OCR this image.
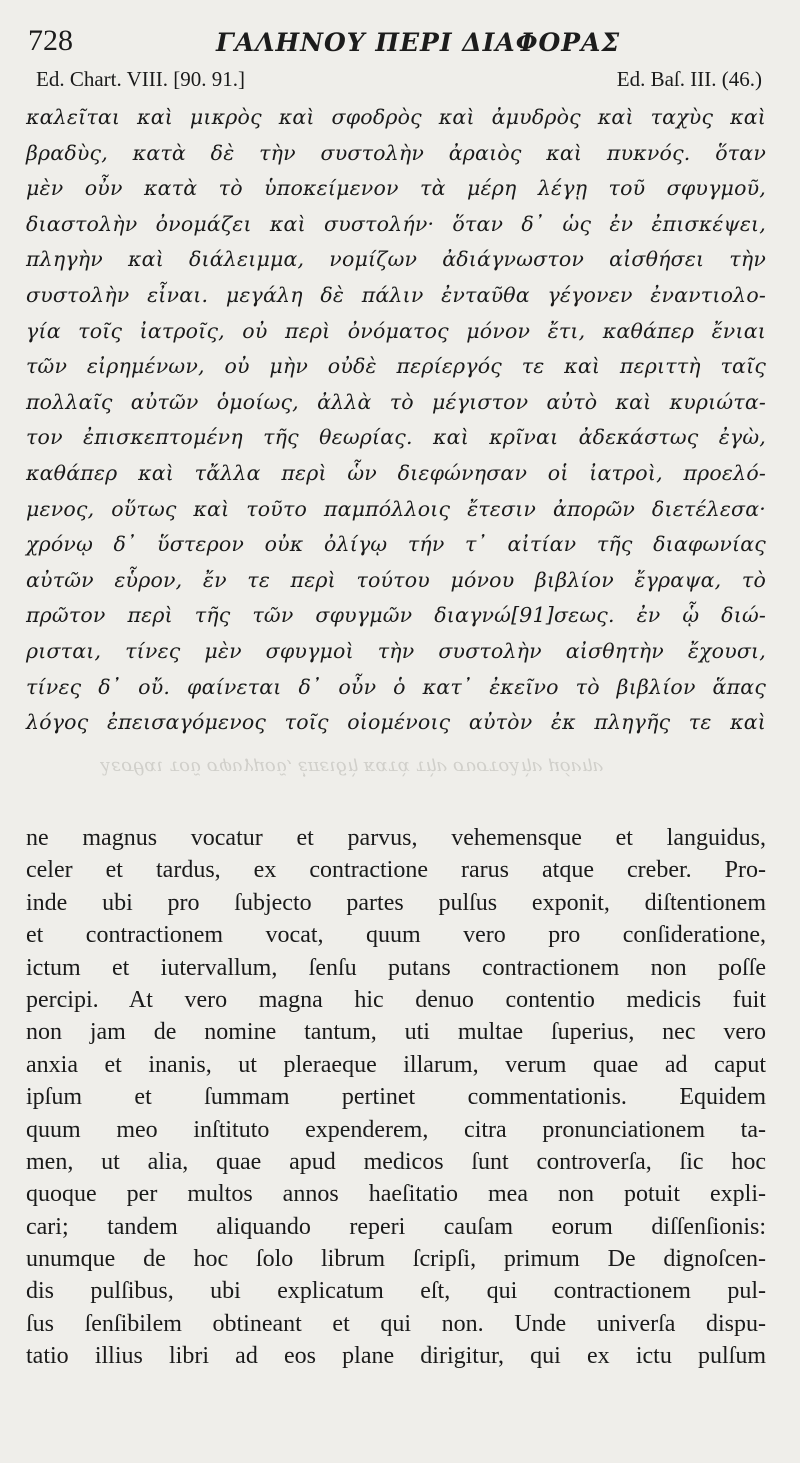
728	ΓΑΛΗΝΟΥ ΠΕΡΙ ΔΙΑΦΟΡΑΣ
Ed. Chart. VIII. [90. 91.]	Ed. Baſ. III. (46.)
καλεῖται καὶ μικρὸς καὶ σφοδρὸς καὶ ἀμυδρὸς καὶ ταχὺς καὶ
βραδὺς, κατὰ δὲ τὴν συστολὴν ἀραιὸς καὶ πυκνός. ὅταν
μὲν οὖν κατὰ τὸ ὑποκείμενον τὰ μέρη λέγῃ τοῦ σφυγμοῦ,
διαστολὴν ὀνομάζει καὶ συστολήν· ὅταν δ᾽ ὡς ἐν ἐπισκέψει,
πληγὴν καὶ διάλειμμα, νομίζων ἀδιάγνωστον αἰσθήσει τὴν
συστολὴν εἶναι. μεγάλη δὲ πάλιν ἐνταῦθα γέγονεν ἐναντιολο-
γία τοῖς ἰατροῖς, οὐ περὶ ὀνόματος μόνον ἔτι, καθάπερ ἔνιαι
τῶν εἰρημένων, οὐ μὴν οὐδὲ περίεργός τε καὶ περιττὴ ταῖς
πολλαῖς αὐτῶν ὁμοίως, ἀλλὰ τὸ μέγιστον αὐτὸ καὶ κυριώτα-
τον ἐπισκεπτομένη τῆς θεωρίας. καὶ κρῖναι ἀδεκάστως ἐγὼ,
καθάπερ καὶ τἄλλα περὶ ὧν διεφώνησαν οἱ ἰατροὶ, προελό-
μενος, οὕτως καὶ τοῦτο παμπόλλοις ἔτεσιν ἀπορῶν διετέλεσα·
χρόνῳ δ᾽ ὕστερον οὐκ ὀλίγῳ τήν τ᾽ αἰτίαν τῆς διαφωνίας
αὐτῶν εὗρον, ἔν τε περὶ τούτου μόνου βιβλίον ἔγραψα, τὸ
πρῶτον περὶ τῆς τῶν σφυγμῶν διαγνώ[91]σεως. ἐν ᾧ διώ-
ρισται, τίνες μὲν σφυγμοὶ τὴν συστολὴν αἰσθητὴν ἔχουσι,
τίνες δ᾽ οὔ. φαίνεται δ᾽ οὖν ὁ κατ᾽ ἐκεῖνο τὸ βιβλίον ἅπας
λόγος ἐπεισαγόμενος τοῖς οἰομένοις αὐτὸν ἐκ πληγῆς τε καὶ
λεσθαι τοῦ σφυγμοῦ, ἐπειδὴ κατὰ τὴν συστολὴν μόνην
ne magnus vocatur et parvus, vehemensque et languidus,
celer et tardus, ex contractione rarus atque creber. Pro-
inde ubi pro ſubjecto partes pulſus exponit, diſtentionem
et contractionem vocat, quum vero pro conſideratione,
ictum et iutervallum, ſenſu putans contractionem non poſſe
percipi. At vero magna hic denuo contentio medicis fuit
non jam de nomine tantum, uti multae ſuperius, nec vero
anxia et inanis, ut pleraeque illarum, verum quae ad caput
ipſum et ſummam pertinet commentationis. Equidem
quum meo inſtituto expenderem, citra pronunciationem ta-
men, ut alia, quae apud medicos ſunt controverſa, ſic hoc
quoque per multos annos haeſitatio mea non potuit expli-
cari; tandem aliquando reperi cauſam eorum diſſenſionis:
unumque de hoc ſolo librum ſcripſi, primum De dignoſcen-
dis pulſibus, ubi explicatum eſt, qui contractionem pul-
ſus ſenſibilem obtineant et qui non. Unde univerſa dispu-
tatio illius libri ad eos plane dirigitur, qui ex ictu pulſum
